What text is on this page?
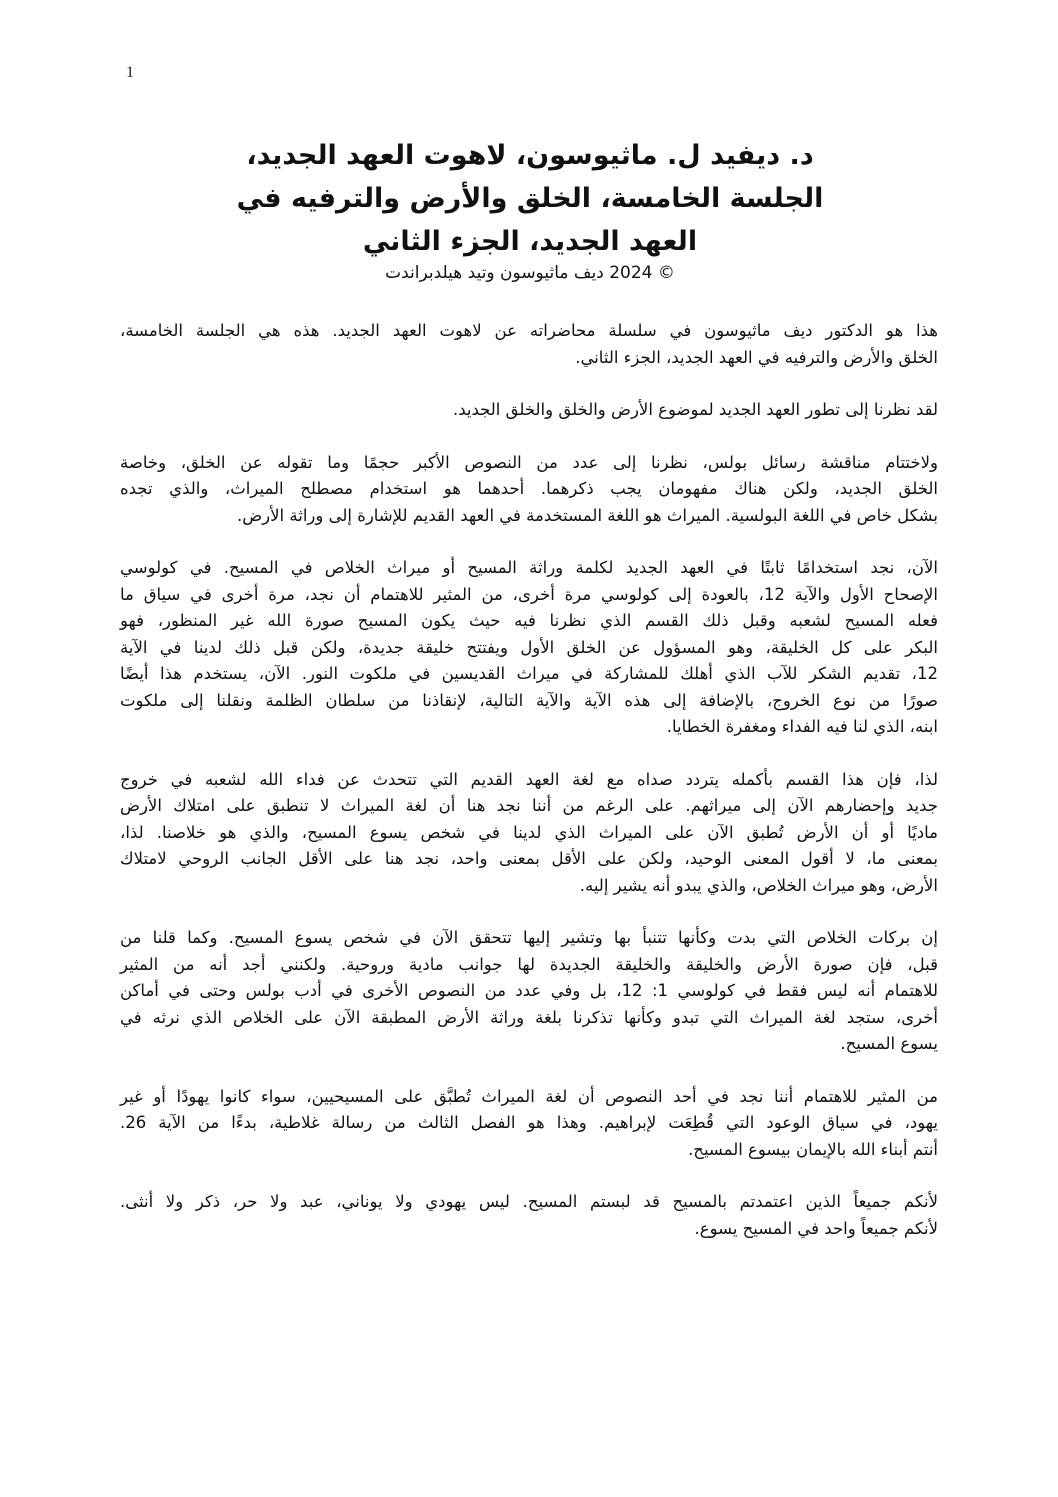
1
د. ديفيد ل. ماثيوسون، لاهوت العهد الجديد،
الجلسة الخامسة، الخلق والأرض والترفيه في
العهد الجديد، الجزء الثاني
© 2024 ديف ماثيوسون وتيد هيلدبراندت
هذا هو الدكتور ديف ماثيوسون في سلسلة محاضراته عن لاهوت العهد الجديد. هذه هي الجلسة الخامسة،
الخلق والأرض والترفيه في العهد الجديد، الجزء الثاني.
لقد نظرنا إلى تطور العهد الجديد لموضوع الأرض والخلق والخلق الجديد.
ولاختتام مناقشة رسائل بولس، نظرنا إلى عدد من النصوص الأكبر حجمًا وما تقوله عن الخلق، وخاصة
الخلق الجديد، ولكن هناك مفهومان يجب ذكرهما. أحدهما هو استخدام مصطلح الميراث، والذي تجده
بشكل خاص في اللغة البولسية. الميراث هو اللغة المستخدمة في العهد القديم للإشارة إلى وراثة الأرض.
الآن، نجد استخدامًا ثابتًا في العهد الجديد لكلمة وراثة المسيح أو ميراث الخلاص في المسيح. في كولوسي
الإصحاح الأول والآية 12، بالعودة إلى كولوسي مرة أخرى، من المثير للاهتمام أن نجد، مرة أخرى في سياق ما
فعله المسيح لشعبه وقبل ذلك القسم الذي نظرنا فيه حيث يكون المسيح صورة الله غير المنظور، فهو
البكر على كل الخليقة، وهو المسؤول عن الخلق الأول ويفتتح خليقة جديدة، ولكن قبل ذلك لدينا في الآية
12، تقديم الشكر للآب الذي أهلك للمشاركة في ميراث القديسين في ملكوت النور. الآن، يستخدم هذا أيضًا
صورًا من نوع الخروج، بالإضافة إلى هذه الآية والآية التالية، لإنقاذنا من سلطان الظلمة ونقلنا إلى ملكوت
ابنه، الذي لنا فيه الفداء ومغفرة الخطايا.
لذا، فإن هذا القسم بأكمله يتردد صداه مع لغة العهد القديم التي تتحدث عن فداء الله لشعبه في خروج
جديد وإحضارهم الآن إلى ميراثهم. على الرغم من أننا نجد هنا أن لغة الميراث لا تنطبق على امتلاك الأرض
ماديًا أو أن الأرض تُطبق الآن على الميراث الذي لدينا في شخص يسوع المسيح، والذي هو خلاصنا. لذا،
بمعنى ما، لا أقول المعنى الوحيد، ولكن على الأقل بمعنى واحد، نجد هنا على الأقل الجانب الروحي لامتلاك
الأرض، وهو ميراث الخلاص، والذي يبدو أنه يشير إليه.
إن بركات الخلاص التي بدت وكأنها تتنبأ بها وتشير إليها تتحقق الآن في شخص يسوع المسيح. وكما قلنا من
قبل، فإن صورة الأرض والخليقة والخليقة الجديدة لها جوانب مادية وروحية. ولكنني أجد أنه من المثير
للاهتمام أنه ليس فقط في كولوسي 1: 12، بل وفي عدد من النصوص الأخرى في أدب بولس وحتى في أماكن
أخرى، ستجد لغة الميراث التي تبدو وكأنها تذكرنا بلغة وراثة الأرض المطبقة الآن على الخلاص الذي نرثه في
يسوع المسيح.
من المثير للاهتمام أننا نجد في أحد النصوص أن لغة الميراث تُطبَّق على المسيحيين، سواء كانوا يهودًا أو غير
يهود، في سياق الوعود التي قُطِعَت لإبراهيم. وهذا هو الفصل الثالث من رسالة غلاطية، بدءًا من الآية 26.
أنتم أبناء الله بالإيمان بيسوع المسيح.
لأنكم جميعاً الذين اعتمدتم بالمسيح قد لبستم المسيح. ليس يهودي ولا يوناني، عبد ولا حر، ذكر ولا أنثى.
لأنكم جميعاً واحد في المسيح يسوع.
